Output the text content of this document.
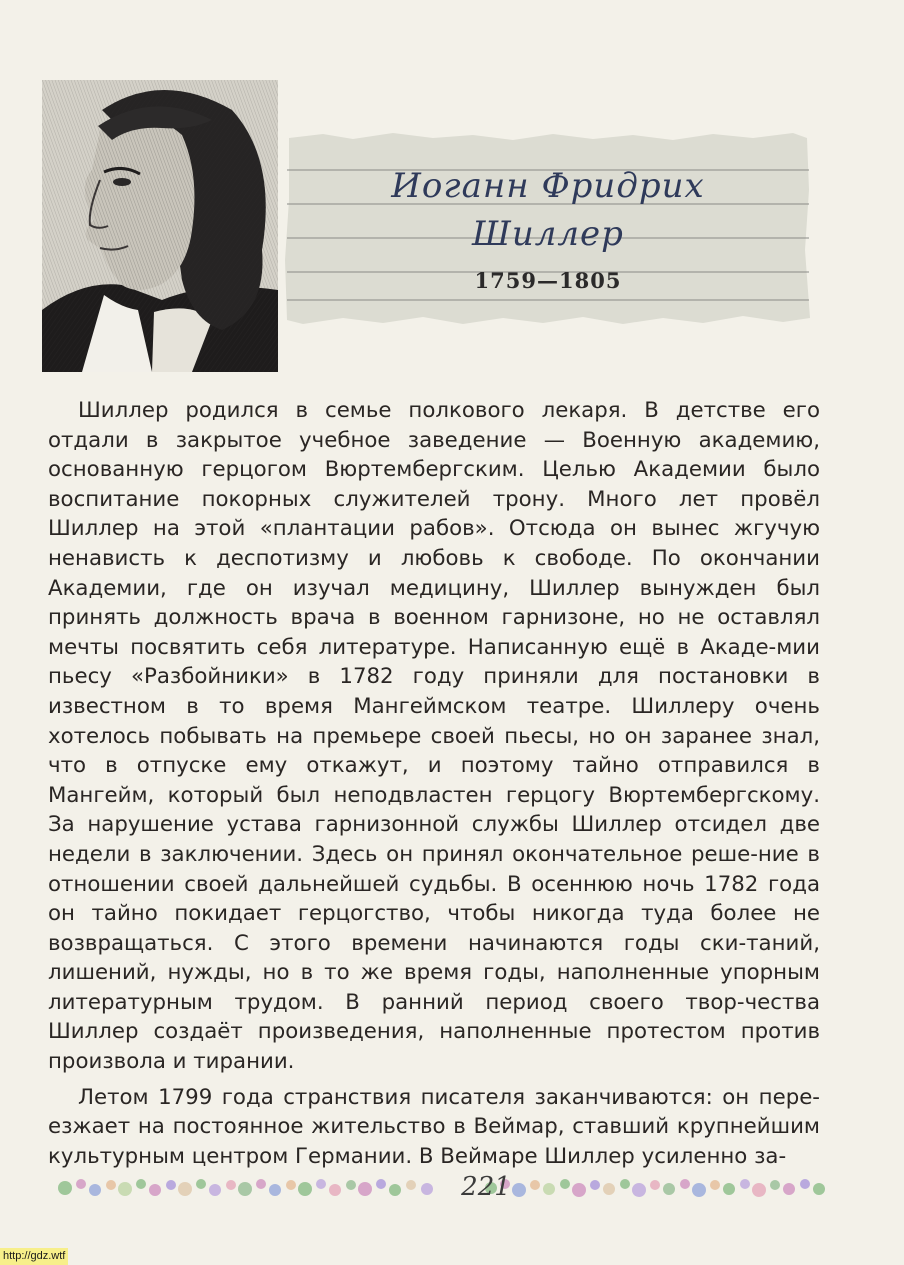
Иоганн Фридрих
Шиллер
1759—1805

Шиллер родился в семье полкового лекаря. В детстве его отдали в закрытое учебное заведение — Военную академию, основанную герцогом Вюртембергским. Целью Академии было воспитание покорных служителей трону. Много лет провёл Шиллер на этой «плантации рабов». Отсюда он вынес жгучую ненависть к деспотизму и любовь к свободе. По окончании Академии, где он изучал медицину, Шиллер вынужден был принять должность врача в военном гарнизоне, но не оставлял мечты посвятить себя литературе. Написанную ещё в Акаде-мии пьесу «Разбойники» в 1782 году приняли для постановки в известном в то время Мангеймском театре. Шиллеру очень хотелось побывать на премьере своей пьесы, но он заранее знал, что в отпуске ему откажут, и поэтому тайно отправился в Мангейм, который был неподвластен герцогу Вюртембергскому. За нарушение устава гарнизонной службы Шиллер отсидел две недели в заключении. Здесь он принял окончательное реше-ние в отношении своей дальнейшей судьбы. В осеннюю ночь 1782 года он тайно покидает герцогство, чтобы никогда туда более не возвращаться. С этого времени начинаются годы ски-таний, лишений, нужды, но в то же время годы, наполненные упорным литературным трудом. В ранний период своего твор-чества Шиллер создаёт произведения, наполненные протестом против произвола и тирании.

Летом 1799 года странствия писателя заканчиваются: он пере-езжает на постоянное жительство в Веймар, ставший крупнейшим культурным центром Германии. В Веймаре Шиллер усиленно за-

221
http://gdz.wtf
